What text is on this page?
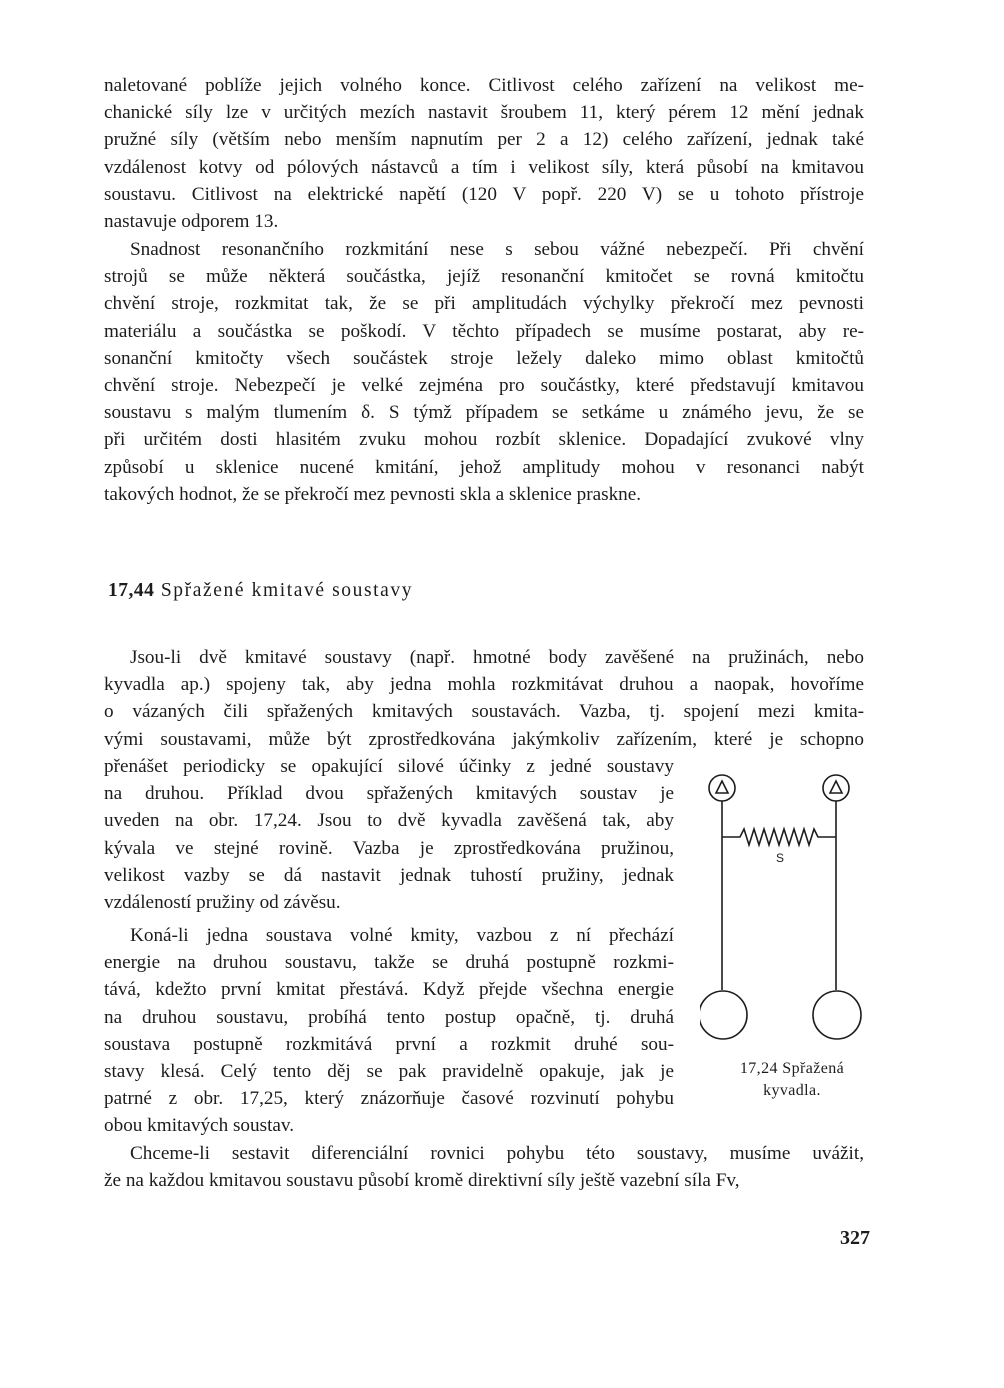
naletované poblíže jejich volného konce. Citlivost celého zařízení na velikost me-
chanické síly lze v určitých mezích nastavit šroubem 11, který pérem 12 mění jednak
pružné síly (větším nebo menším napnutím per 2 a 12) celého zařízení, jednak také
vzdálenost kotvy od pólových nástavců a tím i velikost síly, která působí na kmitavou
soustavu. Citlivost na elektrické napětí (120 V popř. 220 V) se u tohoto přístroje
nastavuje odporem 13.
Snadnost resonančního rozkmitání nese s sebou vážné nebezpečí. Při chvění
strojů se může některá součástka, jejíž resonanční kmitočet se rovná kmitočtu
chvění stroje, rozkmitat tak, že se při amplitudách výchylky překročí mez pevnosti
materiálu a součástka se poškodí. V těchto případech se musíme postarat, aby re-
sonanční kmitočty všech součástek stroje ležely daleko mimo oblast kmitočtů
chvění stroje. Nebezpečí je velké zejména pro součástky, které představují kmitavou
soustavu s malým tlumením δ. S týmž případem se setkáme u známého jevu, že se
při určitém dosti hlasitém zvuku mohou rozbít sklenice. Dopadající zvukové vlny
způsobí u sklenice nucené kmitání, jehož amplitudy mohou v resonanci nabýt
takových hodnot, že se překročí mez pevnosti skla a sklenice praskne.
17,44 Spřažené kmitavé soustavy
Jsou-li dvě kmitavé soustavy (např. hmotné body zavěšené na pružinách, nebo
kyvadla ap.) spojeny tak, aby jedna mohla rozkmitávat druhou a naopak, hovoříme
o vázaných čili spřažených kmitavých soustavách. Vazba, tj. spojení mezi kmita-
vými soustavami, může být zprostředkována jakýmkoliv zařízením, které je schopno
přenášet periodicky se opakující silové účinky z jedné soustavy
na druhou. Příklad dvou spřažených kmitavých soustav je
uveden na obr. 17,24. Jsou to dvě kyvadla zavěšená tak, aby
kývala ve stejné rovině. Vazba je zprostředkována pružinou,
velikost vazby se dá nastavit jednak tuhostí pružiny, jednak
vzdáleností pružiny od závěsu.
Koná-li jedna soustava volné kmity, vazbou z ní přechází
energie na druhou soustavu, takže se druhá postupně rozkmi-
tává, kdežto první kmitat přestává. Když přejde všechna energie
na druhou soustavu, probíhá tento postup opačně, tj. druhá
soustava postupně rozkmitává první a rozkmit druhé sou-
stavy klesá. Celý tento děj se pak pravidelně opakuje, jak je
patrné z obr. 17,25, který znázorňuje časové rozvinutí pohybu
obou kmitavých soustav.
Chceme-li sestavit diferenciální rovnici pohybu této soustavy, musíme uvážit,
že na každou kmitavou soustavu působí kromě direktivní síly ještě vazební síla Fv,
S
17,24 Spřažená
kyvadla.
327
